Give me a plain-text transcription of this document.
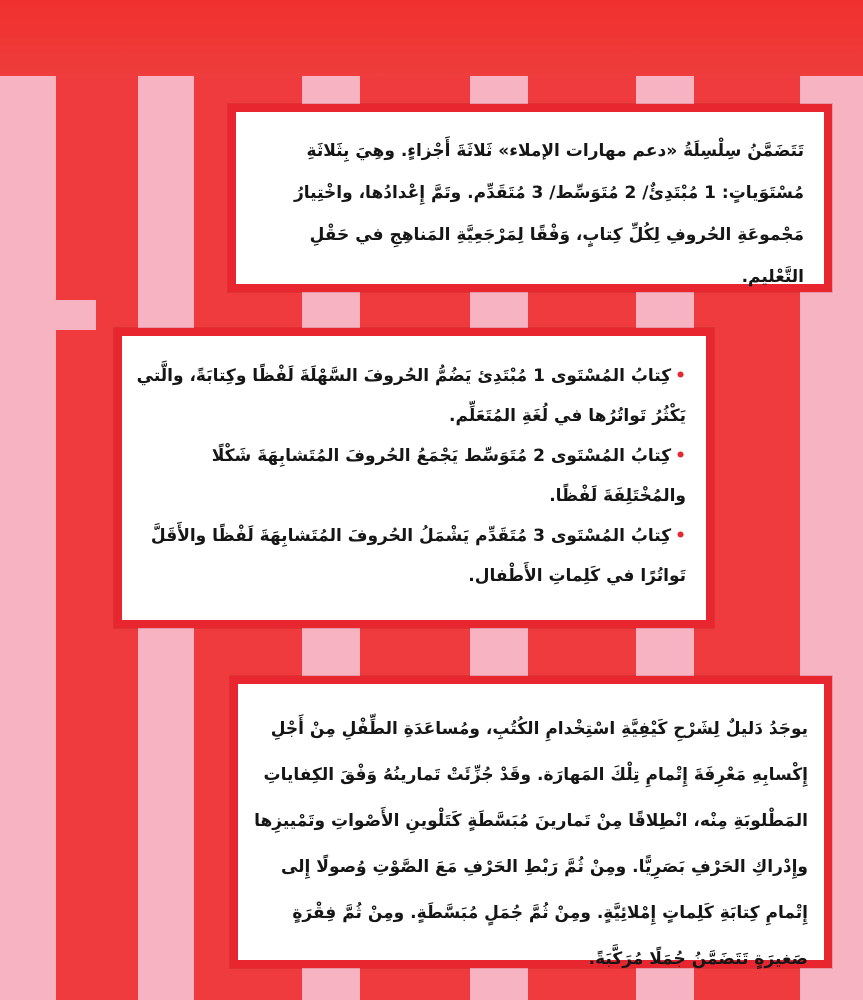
تَتَضَمَّنُ سِلْسِلَةُ «دعم مهارات الإملاء» ثَلاثَةَ أَجْزاءٍ. وهِيَ بِثَلاثَةِ مُسْتَوَياتٍ: 1 مُبْتَدِئٌ/ 2 مُتَوَسِّط/ 3 مُتَقَدِّم. وتَمَّ إِعْدادُها، واخْتِيارُ مَجْموعَةِ الحُروفِ لِكُلِّ كِتابٍ، وَفْقًا لِمَرْجَعِيَّةِ المَناهِجِ في حَقْلِ التَّعْليم.

•كِتابُ المُسْتَوى 1 مُبْتَدِئ يَضُمُّ الحُروفَ السَّهْلَةَ لَفْظًا وكِتابَةً، والَّتي يَكْثُرُ تَواتُرُها في لُغَةِ المُتَعَلِّم.

•كِتابُ المُسْتَوى 2 مُتَوَسِّط يَجْمَعُ الحُروفَ المُتَشابِهَةَ شَكْلًا والمُخْتَلِفَةَ لَفْظًا.

•كِتابُ المُسْتَوى 3 مُتَقَدِّم يَشْمَلُ الحُروفَ المُتَشابِهَةَ لَفْظًا والأَقَلَّ تَواتُرًا في كَلِماتِ الأَطْفال.

يوجَدُ دَليلٌ لِشَرْحِ كَيْفِيَّةِ اسْتِخْدامِ الكُتُبِ، ومُساعَدَةِ الطِّفْلِ مِنْ أَجْلِ إِكْسابِهِ مَعْرِفَةَ إِتْمامِ تِلْكَ المَهارَة. وقَدْ جُزِّئَتْ تَمارينُهُ وَفْقَ الكِفاياتِ المَطْلوبَةِ مِنْه، انْطِلاقًا مِنْ تَمارينَ مُبَسَّطَةٍ كَتَلْوينِ الأَصْواتِ وتَمْييزِها وإِدْراكِ الحَرْفِ بَصَرِيًّا. ومِنْ ثُمَّ رَبْطِ الحَرْفِ مَعَ الصَّوْتِ وُصولًا إِلى إِتْمامِ كِتابَةِ كَلِماتٍ إِمْلائِيَّةٍ. ومِنْ ثُمَّ جُمَلٍ مُبَسَّطَةٍ. ومِنْ ثُمَّ فِقْرَةٍ صَغيرَةٍ تَتَضَمَّنُ جُمَلًا مُرَكَّبَةً.
